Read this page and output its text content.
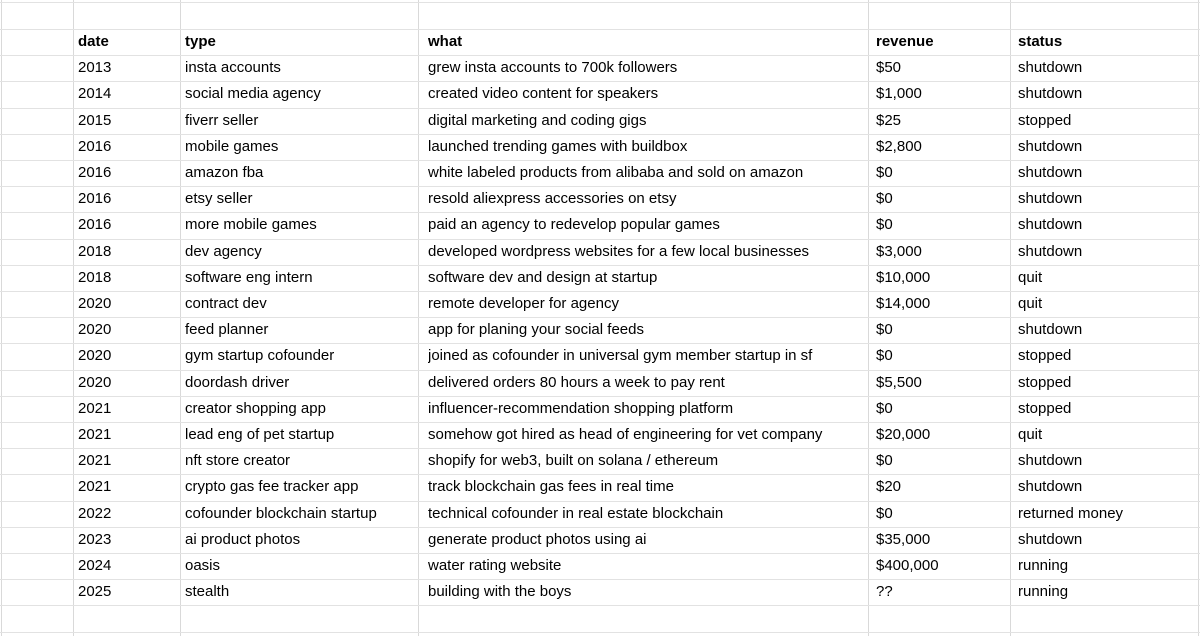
date	type	what	revenue	status
2013	insta accounts	grew insta accounts to 700k followers	$50	shutdown
2014	social media agency	created video content for speakers	$1,000	shutdown
2015	fiverr seller	digital marketing and coding gigs	$25	stopped
2016	mobile games	launched trending games with buildbox	$2,800	shutdown
2016	amazon fba	white labeled products from alibaba and sold on amazon	$0	shutdown
2016	etsy seller	resold aliexpress accessories on etsy	$0	shutdown
2016	more mobile games	paid an agency to redevelop popular games	$0	shutdown
2018	dev agency	developed wordpress websites for a few local businesses	$3,000	shutdown
2018	software eng intern	software dev and design at startup	$10,000	quit
2020	contract dev	remote developer for agency	$14,000	quit
2020	feed planner	app for planing your social feeds	$0	shutdown
2020	gym startup cofounder	joined as cofounder in universal gym member startup in sf	$0	stopped
2020	doordash driver	delivered orders 80 hours a week to pay rent	$5,500	stopped
2021	creator shopping app	influencer-recommendation shopping platform	$0	stopped
2021	lead eng of pet startup	somehow got hired as head of engineering for vet company	$20,000	quit
2021	nft store creator	shopify for web3, built on solana / ethereum	$0	shutdown
2021	crypto gas fee tracker app	track blockchain gas fees in real time	$20	shutdown
2022	cofounder blockchain startup	technical cofounder in real estate blockchain	$0	returned money
2023	ai product photos	generate product photos using ai	$35,000	shutdown
2024	oasis	water rating website	$400,000	running
2025	stealth	building with the boys	??	running
